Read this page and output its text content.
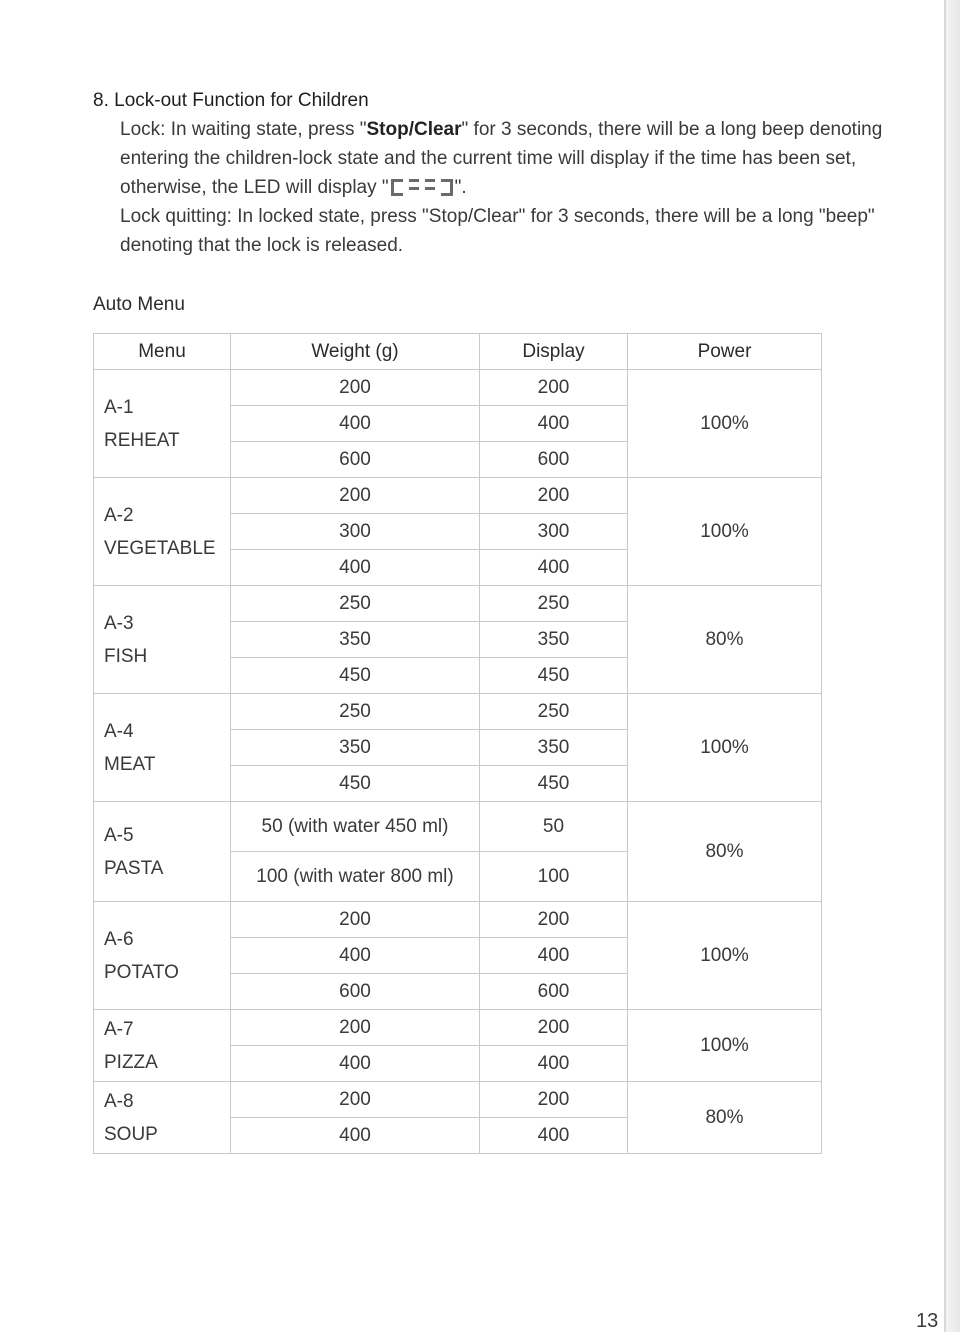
8. Lock-out Function for Children

Lock: In waiting state, press "Stop/Clear" for 3 seconds, there will be a long beep denoting entering the children-lock state and the current time will display if the time has been set, otherwise, the LED will display "	".

Lock quitting: In locked state, press "Stop/Clear" for 3 seconds, there will be a long "beep" denoting that the lock is released.

Auto Menu
Menu	Weight (g)	Display	Power

A-1
REHEAT	200	200	100%
	400	400	
	600	600	

A-2
VEGETABLE	200	200	100%
	300	300	
	400	400	

A-3
FISH	250	250	80%
	350	350	
	450	450	

A-4
MEAT	250	250	100%
	350	350	
	450	450	

A-5
PASTA	50 (with water 450 ml)	50	80%
	100 (with water 800 ml)	100	

A-6
POTATO	200	200	100%
	400	400	
	600	600	

A-7
PIZZA	200	200	100%
	400	400	

A-8
SOUP	200	200	80%
	400	400	
13
